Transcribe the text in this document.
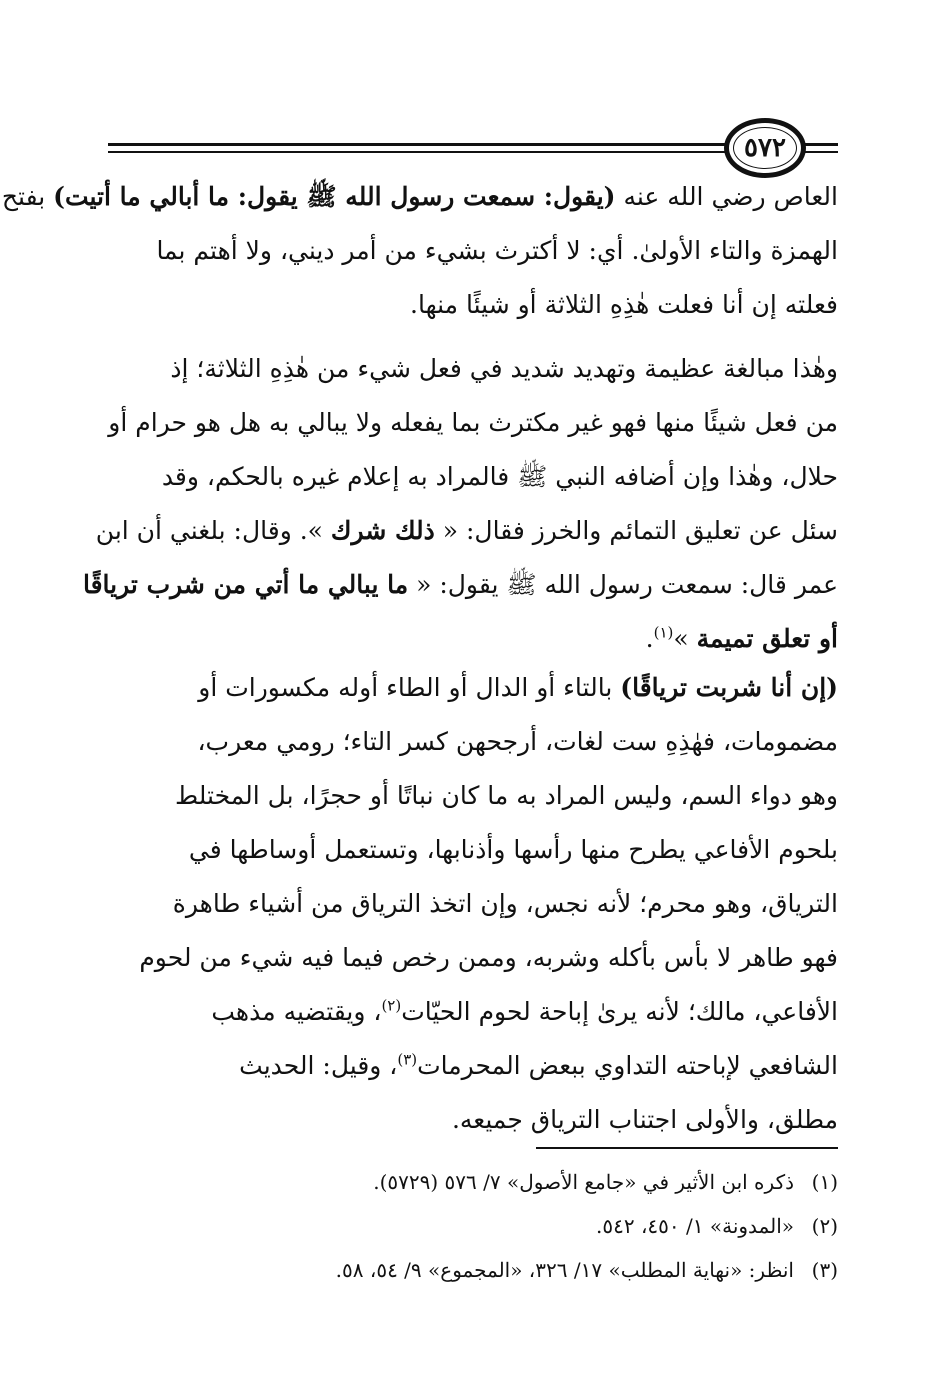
٥٧٢

العاص رضي الله عنه (يقول: سمعت رسول الله ﷺ يقول: ما أبالي ما أتيت) بفتح
الهمزة والتاء الأولىٰ. أي: لا أكترث بشيء من أمر ديني، ولا أهتم بما
فعلته إن أنا فعلت هٰذِهِ الثلاثة أو شيئًا منها.

وهٰذا مبالغة عظيمة وتهديد شديد في فعل شيء من هٰذِهِ الثلاثة؛ إذ
من فعل شيئًا منها فهو غير مكترث بما يفعله ولا يبالي به هل هو حرام أو
حلال، وهٰذا وإن أضافه النبي ﷺ فالمراد به إعلام غيره بالحكم، وقد
سئل عن تعليق التمائم والخرز فقال: « ذلك شرك ». وقال: بلغني أن ابن
عمر قال: سمعت رسول الله ﷺ يقول: « ما يبالي ما أتي من شرب ترياقًا
أو تعلق تميمة »$^{(١)}$.

(إن أنا شربت ترياقًا) بالتاء أو الدال أو الطاء أوله مكسورات أو
مضمومات، فهٰذِهِ ست لغات، أرجحهن كسر التاء؛ رومي معرب،
وهو دواء السم، وليس المراد به ما كان نباتًا أو حجرًا، بل المختلط
بلحوم الأفاعي يطرح منها رأسها وأذنابها، وتستعمل أوساطها في
الترياق، وهو محرم؛ لأنه نجس، وإن اتخذ الترياق من أشياء طاهرة
فهو طاهر لا بأس بأكله وشربه، وممن رخص فيما فيه شيء من لحوم
الأفاعي، مالك؛ لأنه يرىٰ إباحة لحوم الحيّات$^{(٢)}$، ويقتضيه مذهب
الشافعي لإباحته التداوي ببعض المحرمات$^{(٣)}$، وقيل: الحديث
مطلق، والأولى اجتناب الترياق جميعه.

(١)
ذكره ابن الأثير في «جامع الأصول» ٧/ ٥٧٦ (٥٧٢٩).
(٢)
«المدونة» ١/ ٤٥٠، ٥٤٢.
(٣)
انظر: «نهاية المطلب» ١٧/ ٣٢٦، «المجموع» ٩/ ٥٤، ٥٨.
